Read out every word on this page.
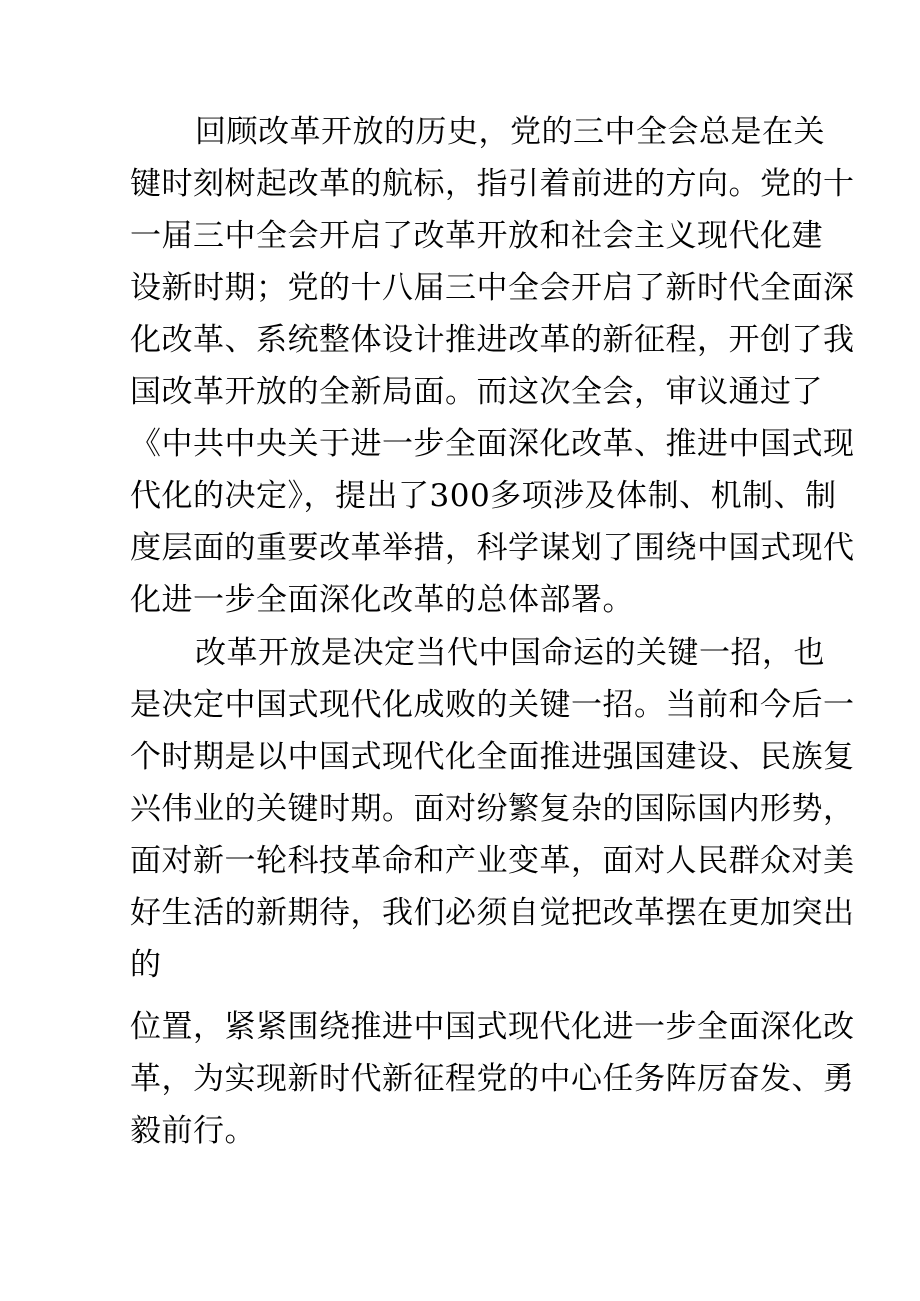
回顾改革开放的历史，党的三中全会总是在关
键时刻树起改革的航标，指引着前进的方向。党的十
一届三中全会开启了改革开放和社会主义现代化建
设新时期；党的十八届三中全会开启了新时代全面深
化改革、系统整体设计推进改革的新征程，开创了我
国改革开放的全新局面。而这次全会，审议通过了
《中共中央关于进一步全面深化改革、推进中国式现
代化的决定》，提出了300多项涉及体制、机制、制
度层面的重要改革举措，科学谋划了围绕中国式现代
化进一步全面深化改革的总体部署。
改革开放是决定当代中国命运的关键一招，也
是决定中国式现代化成败的关键一招。当前和今后一
个时期是以中国式现代化全面推进强国建设、民族复
兴伟业的关键时期。面对纷繁复杂的国际国内形势，
面对新一轮科技革命和产业变革，面对人民群众对美
好生活的新期待，我们必须自觉把改革摆在更加突出
的
位置，紧紧围绕推进中国式现代化进一步全面深化改
革，为实现新时代新征程党的中心任务阵厉奋发、勇
毅前行。
